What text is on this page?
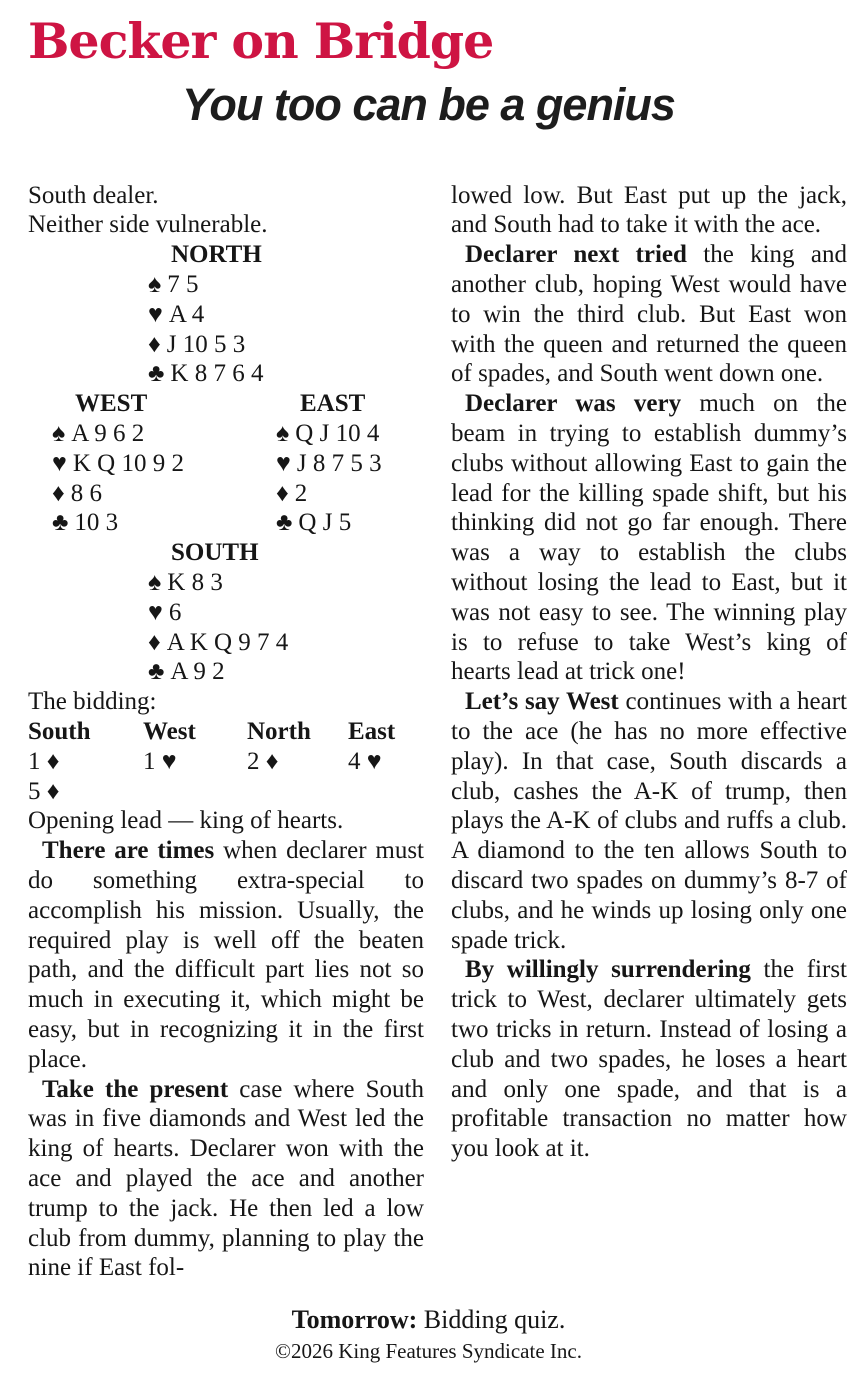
Becker on Bridge
You too can be a genius
South dealer.
Neither side vulnerable.
NORTH
♠ 7 5
♥ A 4
♦ J 10 5 3
♣ K 8 7 6 4
WEST
♠ A 9 6 2
♥ K Q 10 9 2
♦ 8 6
♣ 10 3
EAST
♠ Q J 10 4
♥ J 8 7 5 3
♦ 2
♣ Q J 5
SOUTH
♠ K 8 3
♥ 6
♦ A K Q 9 7 4
♣ A 9 2
The bidding:
South	West	North	East
1 ♦	1 ♥	2 ♦	4 ♥
5 ♦
Opening lead — king of hearts.

There are times when declarer must do something extra-special to accomplish his mission. Usually, the required play is well off the beaten path, and the difficult part lies not so much in executing it, which might be easy, but in recognizing it in the first place.

Take the present case where South was in five diamonds and West led the king of hearts. Declarer won with the ace and played the ace and another trump to the jack. He then led a low club from dummy, planning to play the nine if East fol-

lowed low. But East put up the jack, and South had to take it with the ace.

Declarer next tried the king and another club, hoping West would have to win the third club. But East won with the queen and returned the queen of spades, and South went down one.

Declarer was very much on the beam in trying to establish dummy’s clubs without allowing East to gain the lead for the killing spade shift, but his thinking did not go far enough. There was a way to establish the clubs without losing the lead to East, but it was not easy to see. The winning play is to refuse to take West’s king of hearts lead at trick one!

Let’s say West continues with a heart to the ace (he has no more effective play). In that case, South discards a club, cashes the A-K of trump, then plays the A-K of clubs and ruffs a club. A diamond to the ten allows South to discard two spades on dummy’s 8-7 of clubs, and he winds up losing only one spade trick.

By willingly surrendering the first trick to West, declarer ultimately gets two tricks in return. Instead of losing a club and two spades, he loses a heart and only one spade, and that is a profitable transaction no matter how you look at it.

Tomorrow: Bidding quiz.
©2026 King Features Syndicate Inc.
